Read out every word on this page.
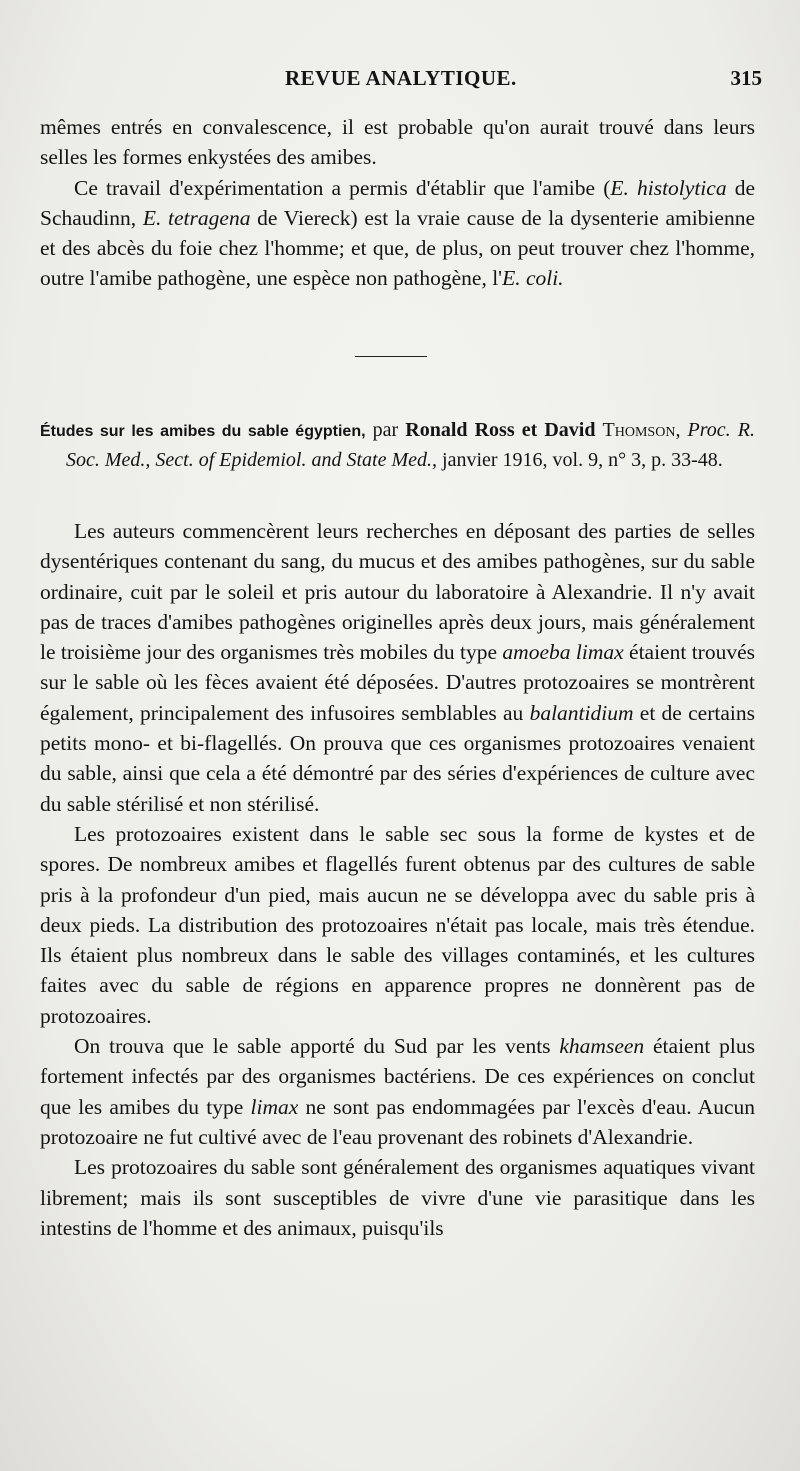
REVUE ANALYTIQUE.	315

mêmes entrés en convalescence, il est probable qu'on aurait trouvé dans leurs selles les formes enkystées des amibes.

Ce travail d'expérimentation a permis d'établir que l'amibe (E. histolytica de Schaudinn, E. tetragena de Viereck) est la vraie cause de la dysenterie amibienne et des abcès du foie chez l'homme; et que, de plus, on peut trouver chez l'homme, outre l'amibe pathogène, une espèce non pathogène, l'E. coli.

Études sur les amibes du sable égyptien, par Ronald Ross et David Thomson, Proc. R. Soc. Med., Sect. of Epidemiol. and State Med., janvier 1916, vol. 9, n° 3, p. 33-48.

Les auteurs commencèrent leurs recherches en déposant des parties de selles dysentériques contenant du sang, du mucus et des amibes pathogènes, sur du sable ordinaire, cuit par le soleil et pris autour du laboratoire à Alexandrie. Il n'y avait pas de traces d'amibes pathogènes originelles après deux jours, mais généralement le troisième jour des organismes très mobiles du type amoeba limax étaient trouvés sur le sable où les fèces avaient été déposées. D'autres protozoaires se montrèrent également, principalement des infusoires semblables au balantidium et de certains petits mono- et bi-flagellés. On prouva que ces organismes protozoaires venaient du sable, ainsi que cela a été démontré par des séries d'expériences de culture avec du sable stérilisé et non stérilisé.

Les protozoaires existent dans le sable sec sous la forme de kystes et de spores. De nombreux amibes et flagellés furent obtenus par des cultures de sable pris à la profondeur d'un pied, mais aucun ne se développa avec du sable pris à deux pieds. La distribution des protozoaires n'était pas locale, mais très étendue. Ils étaient plus nombreux dans le sable des villages contaminés, et les cultures faites avec du sable de régions en apparence propres ne donnèrent pas de protozoaires.

On trouva que le sable apporté du Sud par les vents khamseen étaient plus fortement infectés par des organismes bactériens. De ces expériences on conclut que les amibes du type limax ne sont pas endommagées par l'excès d'eau. Aucun protozoaire ne fut cultivé avec de l'eau provenant des robinets d'Alexandrie.

Les protozoaires du sable sont généralement des organismes aquatiques vivant librement; mais ils sont susceptibles de vivre d'une vie parasitique dans les intestins de l'homme et des animaux, puisqu'ils
